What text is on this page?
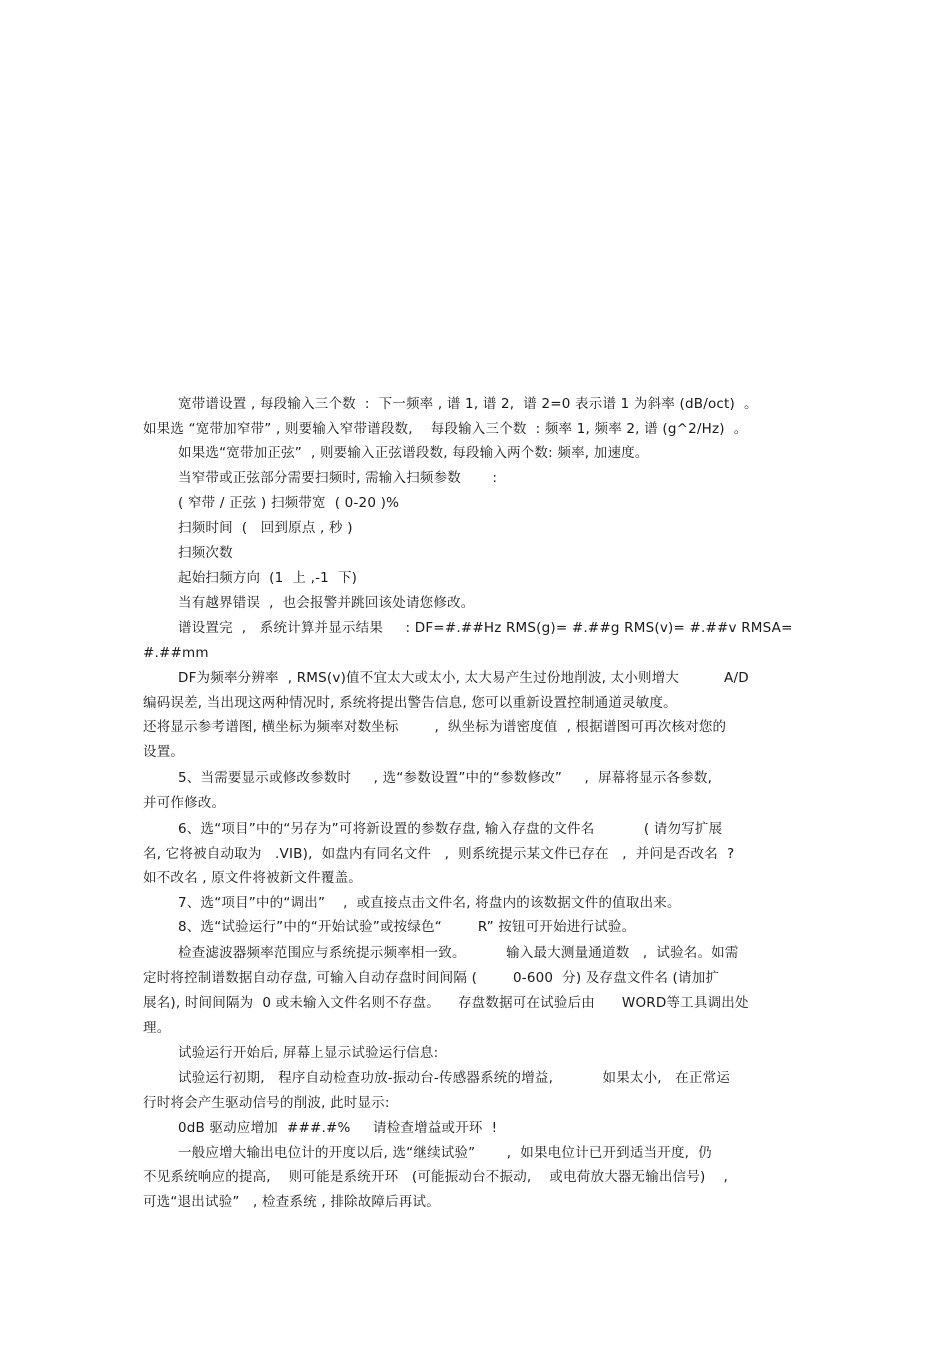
宽带谱设置 , 每段输入三个数  :  下一频率 , 谱 1, 谱 2,  谱 2=0 表示谱 1 为斜率 (dB/oct)  。
如果选 “宽带加窄带” , 则要输入窄带谱段数,    每段输入三个数  : 频率 1, 频率 2, 谱 (g^2/Hz)  。
如果选“宽带加正弦”  , 则要输入正弦谱段数, 每段输入两个数: 频率, 加速度。
当窄带或正弦部分需要扫频时, 需输入扫频参数       :
( 窄带 / 正弦 ) 扫频带宽  ( 0-20 )%
扫频时间  (   回到原点 , 秒 )
扫频次数
起始扫频方向  (1  上 ,-1  下)
当有越界错误  ,  也会报警并跳回该处请您修改。
谱设置完  ,   系统计算并显示结果     : DF=#.##Hz RMS(g)= #.##g RMS(v)= #.##v RMSA=
#.##mm
DF为频率分辨率  , RMS(v)值不宜太大或太小, 太大易产生过份地削波, 太小则增大          A/D
编码误差, 当出现这两种情况时, 系统将提出警告信息, 您可以重新设置控制通道灵敏度。
还将显示参考谱图, 横坐标为频率对数坐标        ,  纵坐标为谱密度值  , 根据谱图可再次核对您的
设置。
5、当需要显示或修改参数时     , 选“参数设置”中的“参数修改”     ,  屏幕将显示各参数,
并可作修改。
6、选“项目”中的“另存为”可将新设置的参数存盘, 输入存盘的文件名           ( 请勿写扩展
名, 它将被自动取为   .VIB),  如盘内有同名文件   ,  则系统提示某文件已存在   ,  并问是否改名  ?
如不改名 , 原文件将被新文件覆盖。
7、选“项目”中的“调出”    ,  或直接点击文件名, 将盘内的该数据文件的值取出来。
8、选“试验运行”中的“开始试验”或按绿色“        R” 按钮可开始进行试验。
检查滤波器频率范围应与系统提示频率相一致。         输入最大测量通道数   ,  试验名。如需
定时将控制谱数据自动存盘, 可输入自动存盘时间间隔 (        0-600  分) 及存盘文件名 (请加扩
展名), 时间间隔为  0 或未输入文件名则不存盘。    存盘数据可在试验后由      WORD等工具调出处
理。
试验运行开始后, 屏幕上显示试验运行信息:
试验运行初期,   程序自动检查功放-振动台-传感器系统的增益,           如果太小,   在正常运
行时将会产生驱动信号的削波, 此时显示:
0dB 驱动应增加  ###.#%     请检查增益或开环  !
一般应增大输出电位计的开度以后, 选“继续试验”       ,  如果电位计已开到适当开度,  仍
不见系统响应的提高,    则可能是系统开环   (可能振动台不振动,    或电荷放大器无输出信号)    ,
可选“退出试验”   , 检查系统 , 排除故障后再试。
